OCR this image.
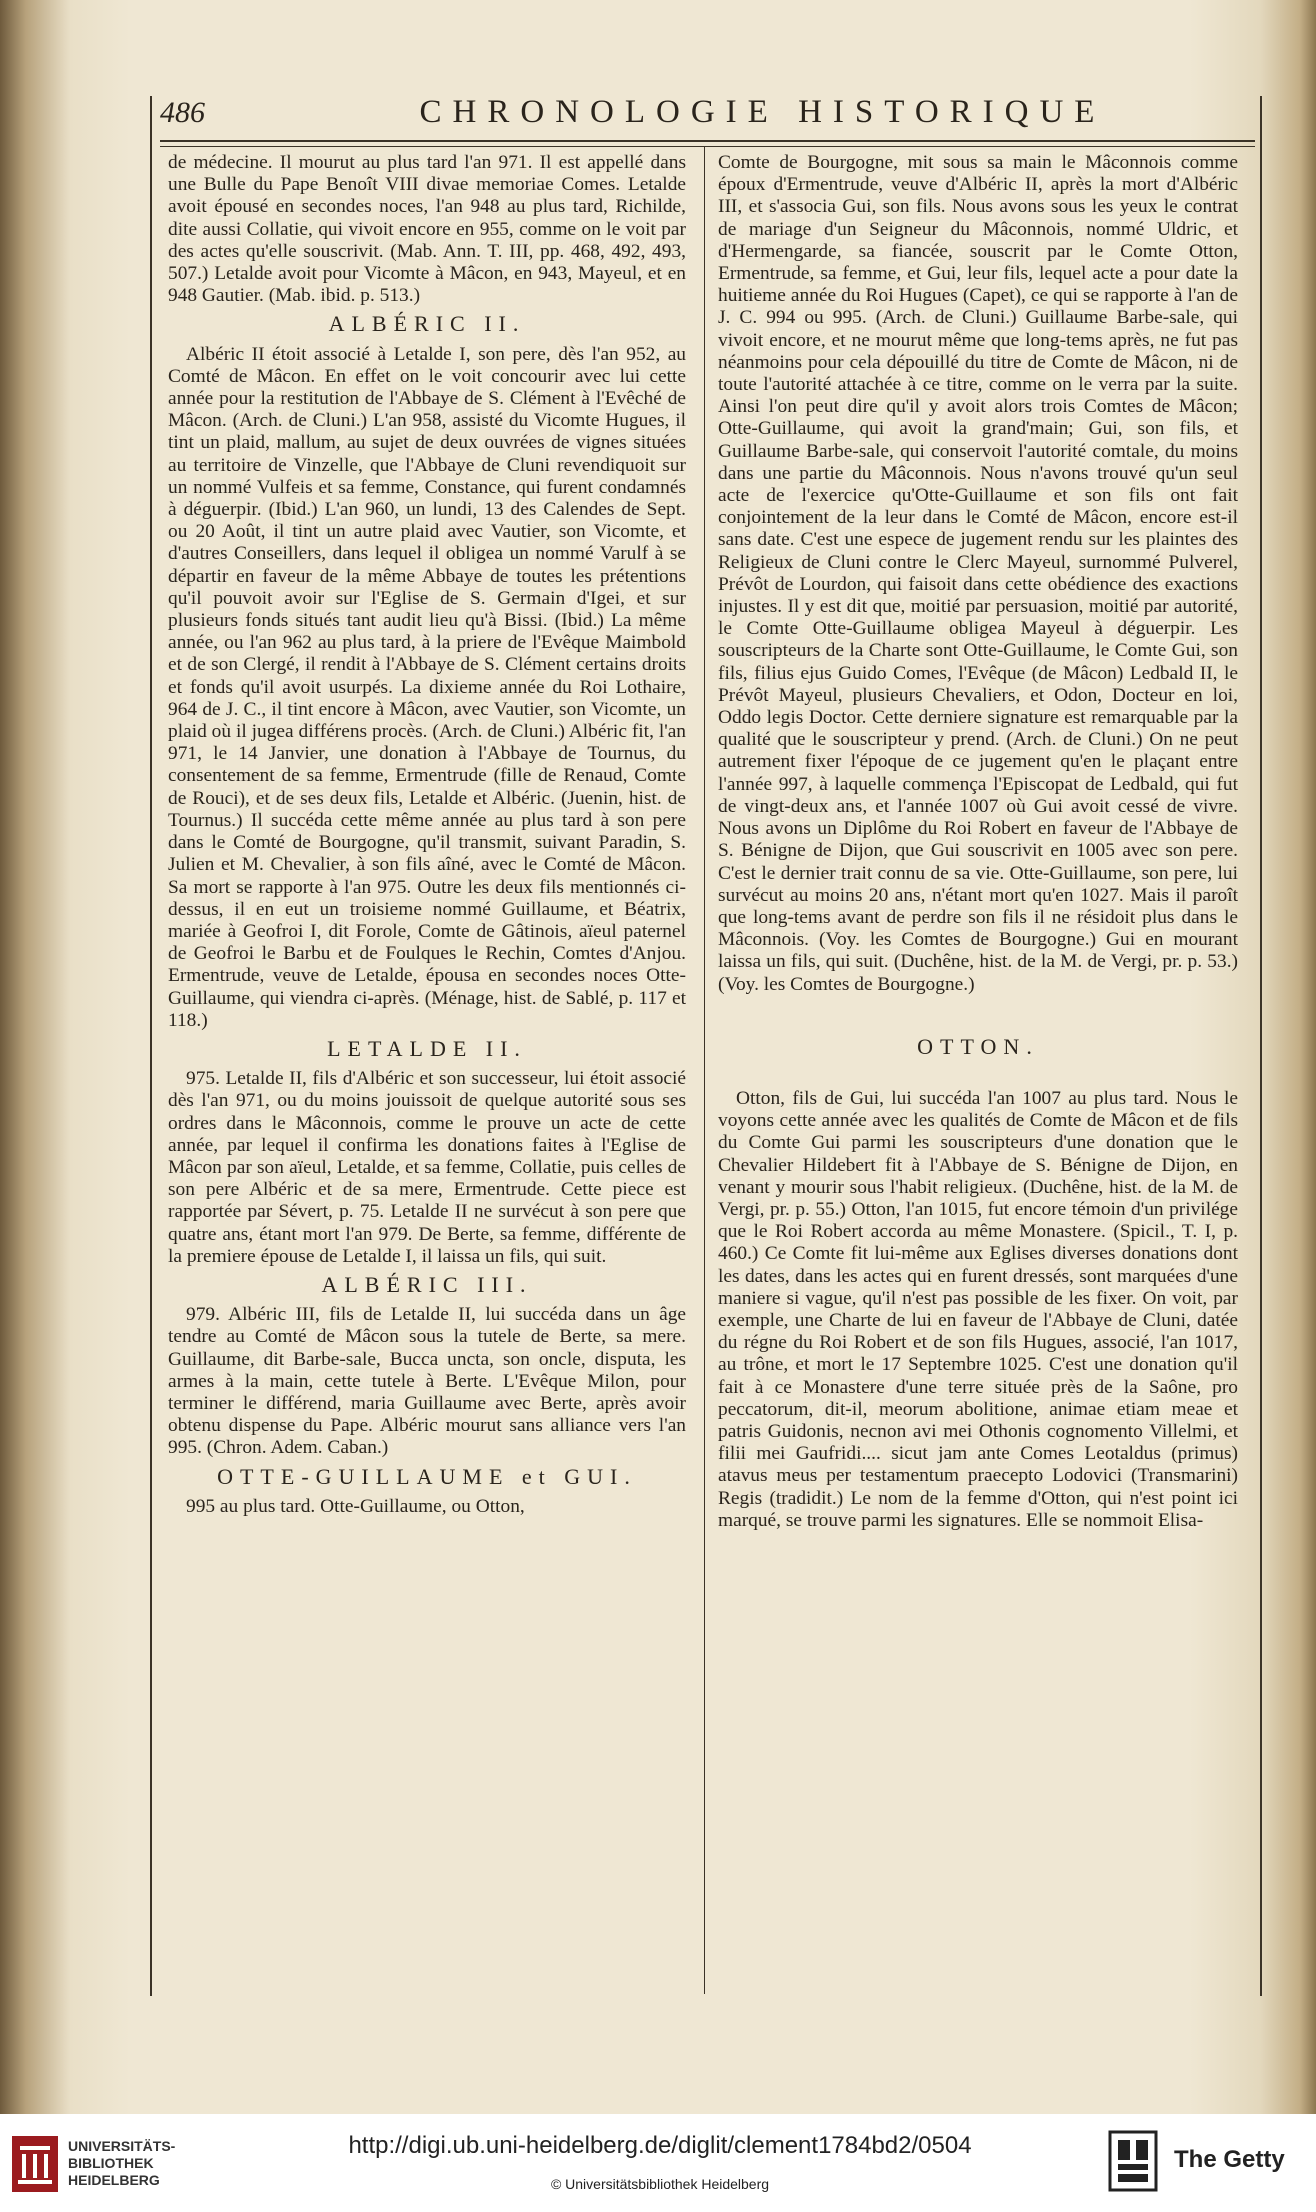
486	CHRONOLOGIE HISTORIQUE

de médecine. Il mourut au plus tard l'an 971. Il est appellé dans une Bulle du Pape Benoît VIII divae memoriae Comes. Letalde avoit épousé en secondes noces, l'an 948 au plus tard, Richilde, dite aussi Collatie, qui vivoit encore en 955, comme on le voit par des actes qu'elle souscrivit. (Mab. Ann. T. III, pp. 468, 492, 493, 507.) Letalde avoit pour Vicomte à Mâcon, en 943, Mayeul, et en 948 Gautier. (Mab. ibid. p. 513.)

ALBÉRIC II.

Albéric II étoit associé à Letalde I, son pere, dès l'an 952, au Comté de Mâcon. En effet on le voit concourir avec lui cette année pour la restitution de l'Abbaye de S. Clément à l'Evêché de Mâcon. (Arch. de Cluni.) L'an 958, assisté du Vicomte Hugues, il tint un plaid, mallum, au sujet de deux ouvrées de vignes situées au territoire de Vinzelle, que l'Abbaye de Cluni revendiquoit sur un nommé Vulfeis et sa femme, Constance, qui furent condamnés à déguerpir. (Ibid.) L'an 960, un lundi, 13 des Calendes de Sept. ou 20 Août, il tint un autre plaid avec Vautier, son Vicomte, et d'autres Conseillers, dans lequel il obligea un nommé Varulf à se départir en faveur de la même Abbaye de toutes les prétentions qu'il pouvoit avoir sur l'Eglise de S. Germain d'Igei, et sur plusieurs fonds situés tant audit lieu qu'à Bissi. (Ibid.) La même année, ou l'an 962 au plus tard, à la priere de l'Evêque Maimbold et de son Clergé, il rendit à l'Abbaye de S. Clément certains droits et fonds qu'il avoit usurpés. La dixieme année du Roi Lothaire, 964 de J. C., il tint encore à Mâcon, avec Vautier, son Vicomte, un plaid où il jugea différens procès. (Arch. de Cluni.) Albéric fit, l'an 971, le 14 Janvier, une donation à l'Abbaye de Tournus, du consentement de sa femme, Ermentrude (fille de Renaud, Comte de Rouci), et de ses deux fils, Letalde et Albéric. (Juenin, hist. de Tournus.) Il succéda cette même année au plus tard à son pere dans le Comté de Bourgogne, qu'il transmit, suivant Paradin, S. Julien et M. Chevalier, à son fils aîné, avec le Comté de Mâcon. Sa mort se rapporte à l'an 975. Outre les deux fils mentionnés ci-dessus, il en eut un troisieme nommé Guillaume, et Béatrix, mariée à Geofroi I, dit Forole, Comte de Gâtinois, aïeul paternel de Geofroi le Barbu et de Foulques le Rechin, Comtes d'Anjou. Ermentrude, veuve de Letalde, épousa en secondes noces Otte-Guillaume, qui viendra ci-après. (Ménage, hist. de Sablé, p. 117 et 118.)

LETALDE II.

975. Letalde II, fils d'Albéric et son successeur, lui étoit associé dès l'an 971, ou du moins jouissoit de quelque autorité sous ses ordres dans le Mâconnois, comme le prouve un acte de cette année, par lequel il confirma les donations faites à l'Eglise de Mâcon par son aïeul, Letalde, et sa femme, Collatie, puis celles de son pere Albéric et de sa mere, Ermentrude. Cette piece est rapportée par Sévert, p. 75. Letalde II ne survécut à son pere que quatre ans, étant mort l'an 979. De Berte, sa femme, différente de la premiere épouse de Letalde I, il laissa un fils, qui suit.

ALBÉRIC III.

979. Albéric III, fils de Letalde II, lui succéda dans un âge tendre au Comté de Mâcon sous la tutele de Berte, sa mere. Guillaume, dit Barbe-sale, Bucca uncta, son oncle, disputa, les armes à la main, cette tutele à Berte. L'Evêque Milon, pour terminer le différend, maria Guillaume avec Berte, après avoir obtenu dispense du Pape. Albéric mourut sans alliance vers l'an 995. (Chron. Adem. Caban.)

OTTE-GUILLAUME et GUI.

995 au plus tard. Otte-Guillaume, ou Otton,

Comte de Bourgogne, mit sous sa main le Mâconnois comme époux d'Ermentrude, veuve d'Albéric II, après la mort d'Albéric III, et s'associa Gui, son fils. Nous avons sous les yeux le contrat de mariage d'un Seigneur du Mâconnois, nommé Uldric, et d'Hermengarde, sa fiancée, souscrit par le Comte Otton, Ermentrude, sa femme, et Gui, leur fils, lequel acte a pour date la huitieme année du Roi Hugues (Capet), ce qui se rapporte à l'an de J. C. 994 ou 995. (Arch. de Cluni.) Guillaume Barbe-sale, qui vivoit encore, et ne mourut même que long-tems après, ne fut pas néanmoins pour cela dépouillé du titre de Comte de Mâcon, ni de toute l'autorité attachée à ce titre, comme on le verra par la suite. Ainsi l'on peut dire qu'il y avoit alors trois Comtes de Mâcon; Otte-Guillaume, qui avoit la grand'main; Gui, son fils, et Guillaume Barbe-sale, qui conservoit l'autorité comtale, du moins dans une partie du Mâconnois. Nous n'avons trouvé qu'un seul acte de l'exercice qu'Otte-Guillaume et son fils ont fait conjointement de la leur dans le Comté de Mâcon, encore est-il sans date. C'est une espece de jugement rendu sur les plaintes des Religieux de Cluni contre le Clerc Mayeul, surnommé Pulverel, Prévôt de Lourdon, qui faisoit dans cette obédience des exactions injustes. Il y est dit que, moitié par persuasion, moitié par autorité, le Comte Otte-Guillaume obligea Mayeul à déguerpir. Les souscripteurs de la Charte sont Otte-Guillaume, le Comte Gui, son fils, filius ejus Guido Comes, l'Evêque (de Mâcon) Ledbald II, le Prévôt Mayeul, plusieurs Chevaliers, et Odon, Docteur en loi, Oddo legis Doctor. Cette derniere signature est remarquable par la qualité que le souscripteur y prend. (Arch. de Cluni.) On ne peut autrement fixer l'époque de ce jugement qu'en le plaçant entre l'année 997, à laquelle commença l'Episcopat de Ledbald, qui fut de vingt-deux ans, et l'année 1007 où Gui avoit cessé de vivre. Nous avons un Diplôme du Roi Robert en faveur de l'Abbaye de S. Bénigne de Dijon, que Gui souscrivit en 1005 avec son pere. C'est le dernier trait connu de sa vie. Otte-Guillaume, son pere, lui survécut au moins 20 ans, n'étant mort qu'en 1027. Mais il paroît que long-tems avant de perdre son fils il ne résidoit plus dans le Mâconnois. (Voy. les Comtes de Bourgogne.) Gui en mourant laissa un fils, qui suit. (Duchêne, hist. de la M. de Vergi, pr. p. 53.) (Voy. les Comtes de Bourgogne.)

OTTON.

Otton, fils de Gui, lui succéda l'an 1007 au plus tard. Nous le voyons cette année avec les qualités de Comte de Mâcon et de fils du Comte Gui parmi les souscripteurs d'une donation que le Chevalier Hildebert fit à l'Abbaye de S. Bénigne de Dijon, en venant y mourir sous l'habit religieux. (Duchêne, hist. de la M. de Vergi, pr. p. 55.) Otton, l'an 1015, fut encore témoin d'un privilége que le Roi Robert accorda au même Monastere. (Spicil., T. I, p. 460.) Ce Comte fit lui-même aux Eglises diverses donations dont les dates, dans les actes qui en furent dressés, sont marquées d'une maniere si vague, qu'il n'est pas possible de les fixer. On voit, par exemple, une Charte de lui en faveur de l'Abbaye de Cluni, datée du régne du Roi Robert et de son fils Hugues, associé, l'an 1017, au trône, et mort le 17 Septembre 1025. C'est une donation qu'il fait à ce Monastere d'une terre située près de la Saône, pro peccatorum, dit-il, meorum abolitione, animae etiam meae et patris Guidonis, necnon avi mei Othonis cognomento Villelmi, et filii mei Gaufridi.... sicut jam ante Comes Leotaldus (primus) atavus meus per testamentum praecepto Lodovici (Transmarini) Regis (tradidit.) Le nom de la femme d'Otton, qui n'est point ici marqué, se trouve parmi les signatures. Elle se nommoit Elisa-

UNIVERSITÄTS-
BIBLIOTHEK
HEIDELBERG
http://digi.ub.uni-heidelberg.de/diglit/clement1784bd2/0504
© Universitätsbibliothek Heidelberg
The Getty
